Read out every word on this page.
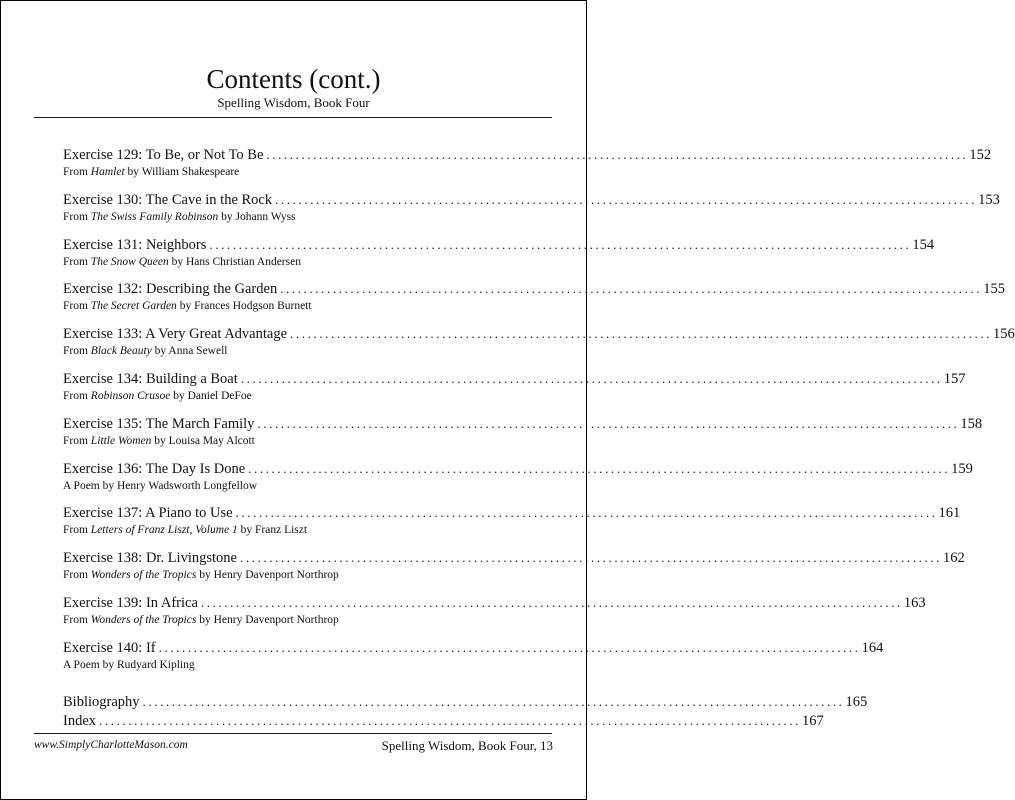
Contents (cont.)
Spelling Wisdom, Book Four
Exercise 129: To Be, or Not To Be ........................................................................................................................ 152
From Hamlet by William Shakespeare
Exercise 130: The Cave in the Rock ........................................................................................................................ 153
From The Swiss Family Robinson by Johann Wyss
Exercise 131: Neighbors ........................................................................................................................ 154
From The Snow Queen by Hans Christian Andersen
Exercise 132: Describing the Garden ........................................................................................................................ 155
From The Secret Garden by Frances Hodgson Burnett
Exercise 133: A Very Great Advantage ........................................................................................................................ 156
From Black Beauty by Anna Sewell
Exercise 134: Building a Boat ........................................................................................................................ 157
From Robinson Crusoe by Daniel DeFoe
Exercise 135: The March Family ........................................................................................................................ 158
From Little Women by Louisa May Alcott
Exercise 136: The Day Is Done ........................................................................................................................ 159
A Poem by Henry Wadsworth Longfellow
Exercise 137: A Piano to Use ........................................................................................................................ 161
From Letters of Franz Liszt, Volume 1 by Franz Liszt
Exercise 138: Dr. Livingstone ........................................................................................................................ 162
From Wonders of the Tropics by Henry Davenport Northrop
Exercise 139: In Africa ........................................................................................................................ 163
From Wonders of the Tropics by Henry Davenport Northrop
Exercise 140: If ........................................................................................................................ 164
A Poem by Rudyard Kipling
Bibliography ........................................................................................................................ 165
Index ........................................................................................................................ 167
www.SimplyCharlotteMason.com	Spelling Wisdom, Book Four, 13
